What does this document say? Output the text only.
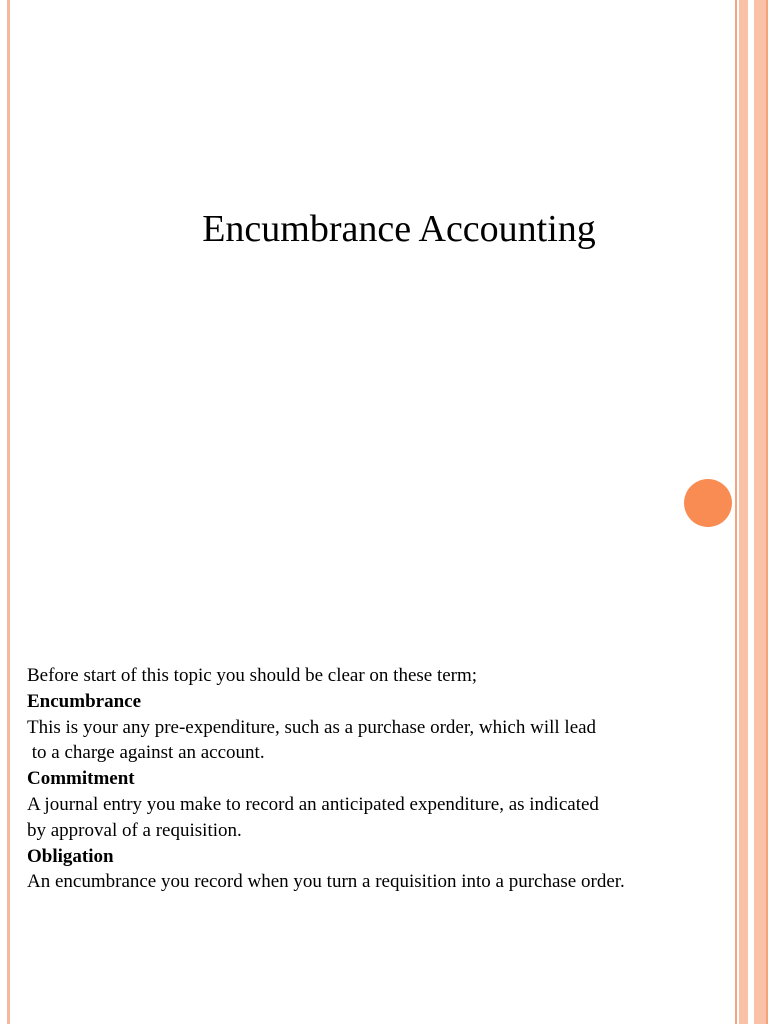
Encumbrance Accounting
Before start of this topic you should be clear on these term;
Encumbrance
This is your any pre-expenditure, such as a purchase order, which will lead
to a charge against an account.
Commitment
A journal entry you make to record an anticipated expenditure, as indicated
by approval of a requisition.
Obligation
An encumbrance you record when you turn a requisition into a purchase order.
